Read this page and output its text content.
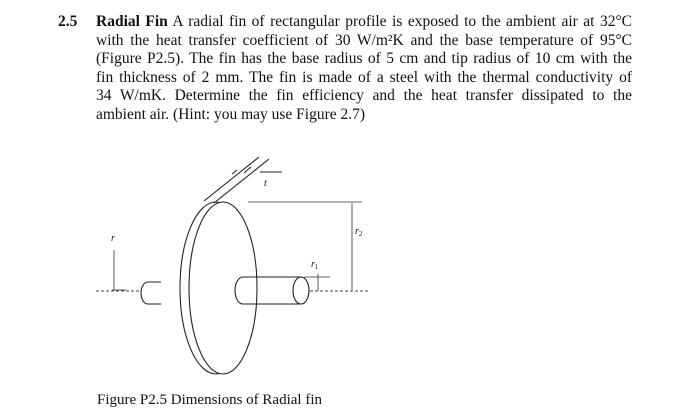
2.5 Radial Fin A radial fin of rectangular profile is exposed to the ambient air at 32°C
with the heat transfer coefficient of 30 W/m²K and the base temperature of 95°C
(Figure P2.5). The fin has the base radius of 5 cm and tip radius of 10 cm with the
fin thickness of 2 mm. The fin is made of a steel with the thermal conductivity of
34 W/mK. Determine the fin efficiency and the heat transfer dissipated to the
ambient air. (Hint: you may use Figure 2.7)
t
r
$r_1$
$r_2$
Figure P2.5 Dimensions of Radial fin
